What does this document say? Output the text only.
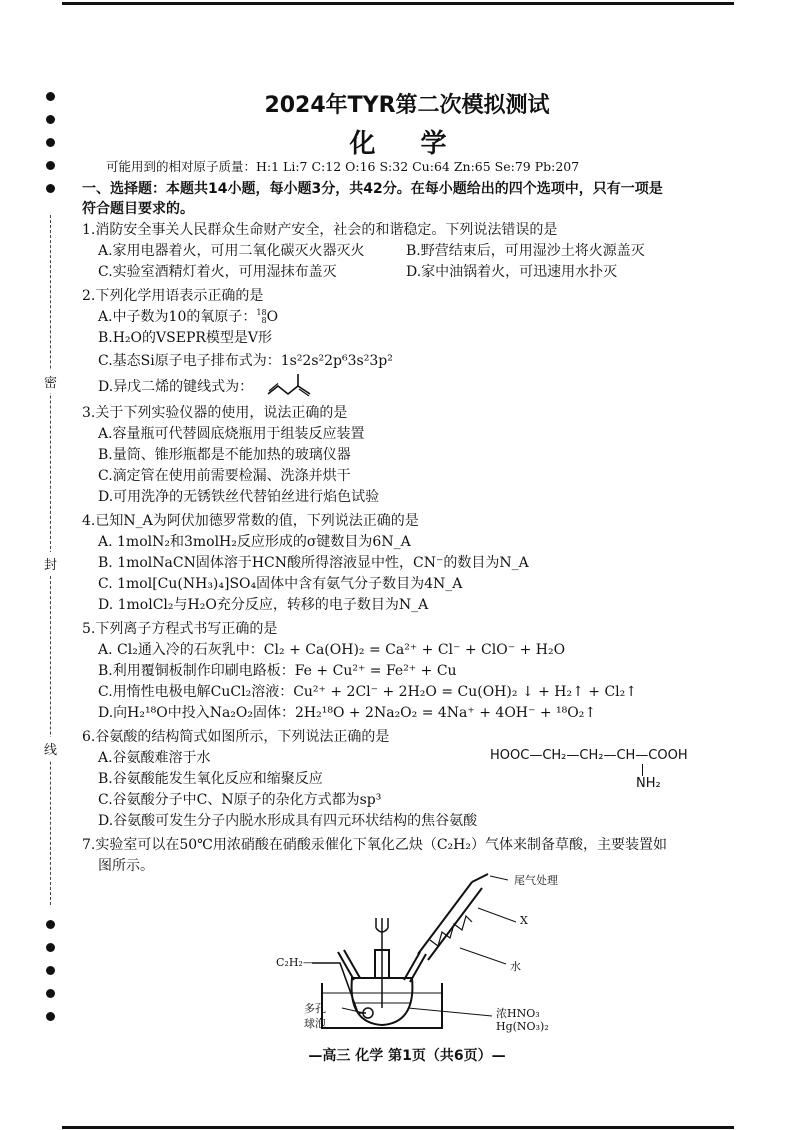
密
封
线
2024年TYR第二次模拟测试
化 学
可能用到的相对原子质量：H:1 Li:7 C:12 O:16 S:32 Cu:64 Zn:65 Se:79 Pb:207
一、选择题：本题共14小题，每小题3分，共42分。在每小题给出的四个选项中，只有一项是
符合题目要求的。
1.消防安全事关人民群众生命财产安全，社会的和谐稳定。下列说法错误的是
A.家用电器着火，可用二氧化碳灭火器灭火	B.野营结束后，可用湿沙土将火源盖灭
C.实验室酒精灯着火，可用湿抹布盖灭	D.家中油锅着火，可迅速用水扑灭
2.下列化学用语表示正确的是
A.中子数为10的氧原子：18
8O
B.H₂O的VSEPR模型是V形
C.基态Si原子电子排布式为：1s²2s²2p⁶3s²3p²
D.异戊二烯的键线式为：
3.关于下列实验仪器的使用，说法正确的是
A.容量瓶可代替圆底烧瓶用于组装反应装置
B.量筒、锥形瓶都是不能加热的玻璃仪器
C.滴定管在使用前需要检漏、洗涤并烘干
D.可用洗净的无锈铁丝代替铂丝进行焰色试验
4.已知N_A为阿伏加德罗常数的值，下列说法正确的是
A. 1molN₂和3molH₂反应形成的σ键数目为6N_A
B. 1molNaCN固体溶于HCN酸所得溶液显中性，CN⁻的数目为N_A
C. 1mol[Cu(NH₃)₄]SO₄固体中含有氨气分子数目为4N_A
D. 1molCl₂与H₂O充分反应，转移的电子数目为N_A
5.下列离子方程式书写正确的是
A. Cl₂通入冷的石灰乳中：Cl₂ + Ca(OH)₂ = Ca²⁺ + Cl⁻ + ClO⁻ + H₂O
B.利用覆铜板制作印刷电路板：Fe + Cu²⁺ = Fe²⁺ + Cu
C.用惰性电极电解CuCl₂溶液：Cu²⁺ + 2Cl⁻ + 2H₂O = Cu(OH)₂ ↓ + H₂↑ + Cl₂↑
D.向H₂¹⁸O中投入Na₂O₂固体：2H₂¹⁸O + 2Na₂O₂ = 4Na⁺ + 4OH⁻ + ¹⁸O₂↑
6.谷氨酸的结构简式如图所示，下列说法正确的是
A.谷氨酸难溶于水
B.谷氨酸能发生氧化反应和缩聚反应
C.谷氨酸分子中C、N原子的杂化方式都为sp³
D.谷氨酸可发生分子内脱水形成具有四元环状结构的焦谷氨酸
HOOC—CH₂—CH₂—CH—COOH
NH₂
7.实验室可以在50℃用浓硝酸在硝酸汞催化下氧化乙炔（C₂H₂）气体来制备草酸，主要装置如
图所示。
尾气处理
X
水
C₂H₂—
多孔
球泡
浓HNO₃
Hg(NO₃)₂
—高三 化学 第1页（共6页）—
